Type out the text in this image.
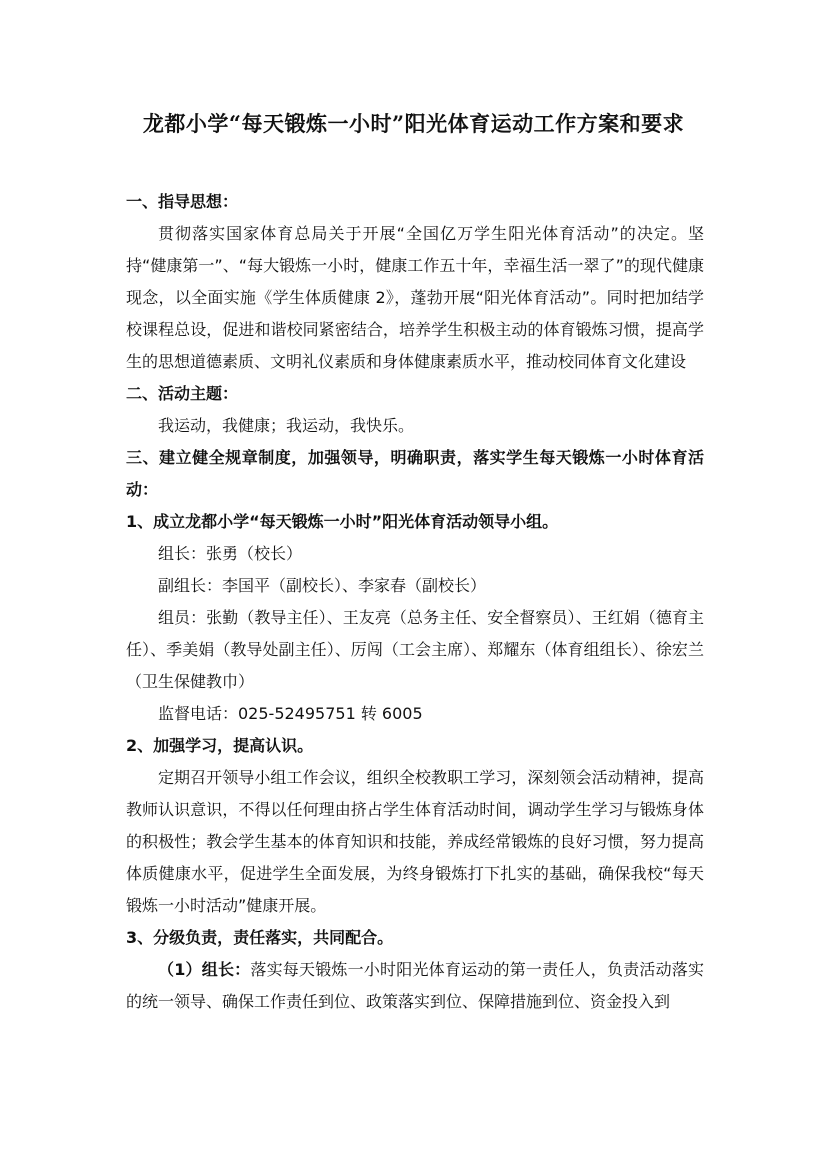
龙都小学“每天锻炼一小时”阳光体育运动工作方案和要求

一、指导思想：

贯彻落实国家体育总局关于开展“全国亿万学生阳光体育活动”的决定。坚持“健康第一”、“每大锻炼一小时，健康工作五十年，幸福生活一翠了”的现代健康现念，以全面实施《学生体质健康 2》，蓬勃开展“阳光体育活动”。同时把加结学校课程总设，促进和谐校同紧密结合，培养学生积极主动的体育锻炼习惯，提高学生的思想道德素质、文明礼仪素质和身体健康素质水平，推动校同体育文化建设

二、活动主题：

我运动，我健康；我运动，我快乐。

三、建立健全规章制度，加强领导，明确职责，落实学生每天锻炼一小时体育活动：

1、成立龙都小学“每天锻炼一小时”阳光体育活动领导小组。

组长：张勇（校长）

副组长：李国平（副校长）、李家春（副校长）

组员：张勤（教导主任）、王友亮（总务主任、安全督察员）、王红娟（德育主任）、季美娟（教导处副主任）、厉闯（工会主席）、郑耀东（体育组组长）、徐宏兰（卫生保健教巾）

监督电话：025-52495751 转 6005

2、加强学习，提高认识。

定期召开领导小组工作会议，组织全校教职工学习，深刻领会活动精神，提高教师认识意识，不得以任何理由挤占学生体育活动时间，调动学生学习与锻炼身体的积极性；教会学生基本的体育知识和技能，养成经常锻炼的良好习惯，努力提高体质健康水平，促进学生全面发展，为终身锻炼打下扎实的基础，确保我校“每天锻炼一小时活动”健康开展。

3、分级负责，责任落实，共同配合。

（1）组长：落实每天锻炼一小时阳光体育运动的第一责任人，负责活动落实的统一领导、确保工作责任到位、政策落实到位、保障措施到位、资金投入到
